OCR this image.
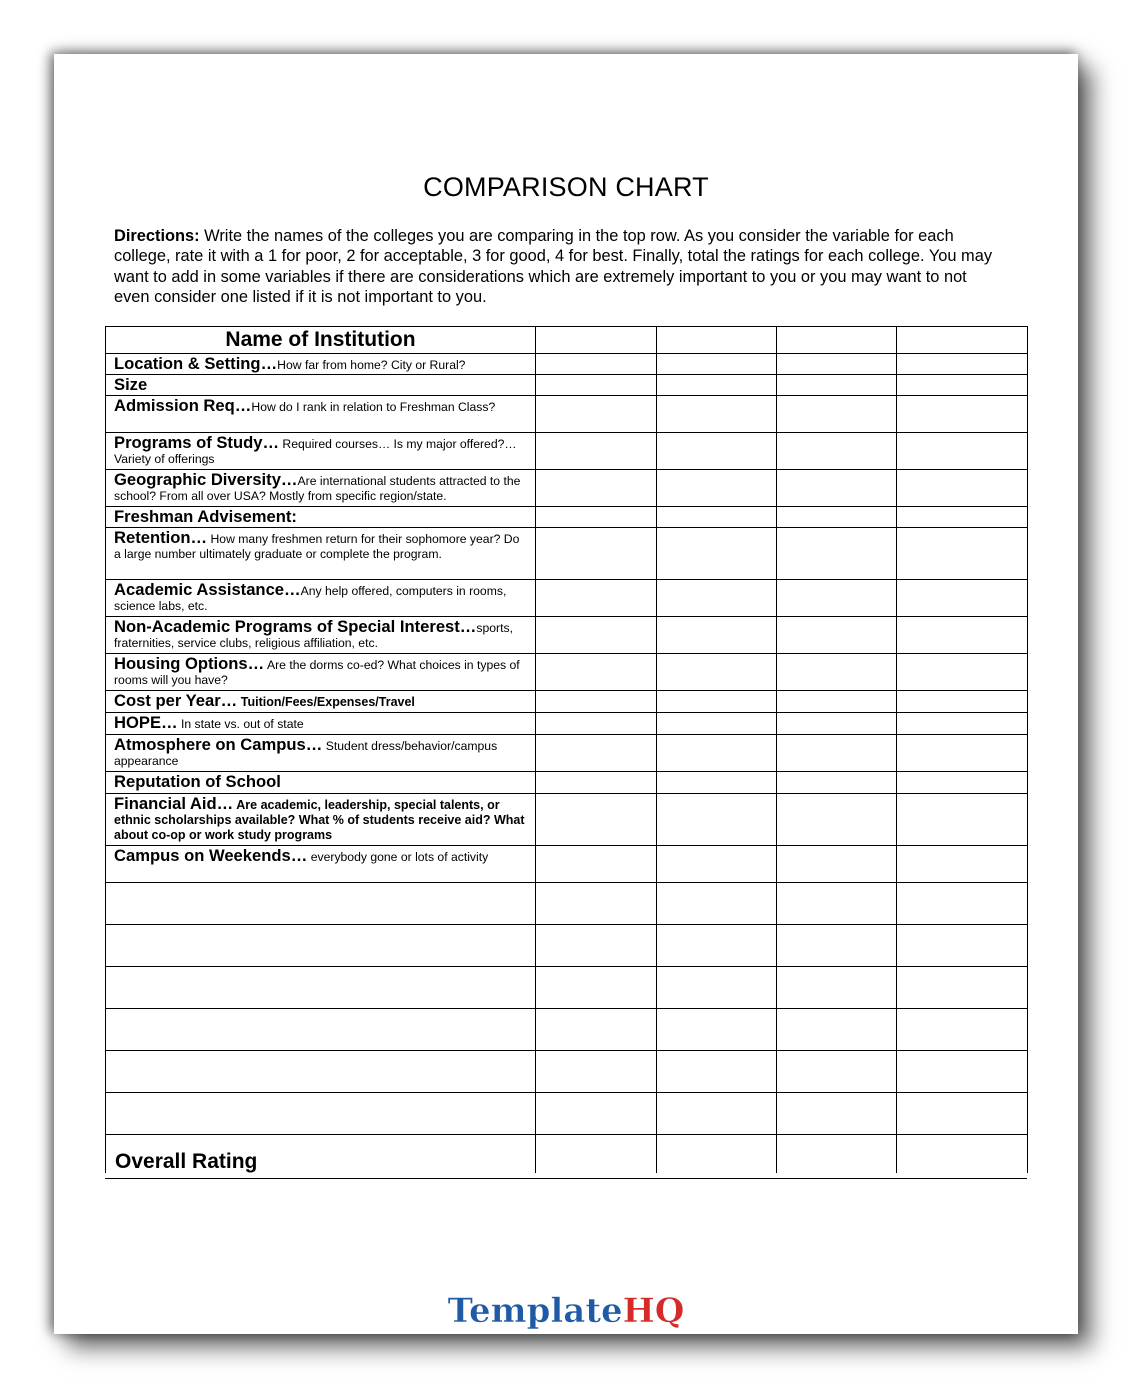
COMPARISON CHART
Directions: Write the names of the colleges you are comparing in the top row. As you consider the variable for each college, rate it with a 1 for poor, 2 for acceptable, 3 for good, 4 for best. Finally, total the ratings for each college. You may want to add in some variables if there are considerations which are extremely important to you or you may want to not even consider one listed if it is not important to you.
Name of Institution				

Location & Setting…How far from home? City or Rural?				

Size				

Admission Req…How do I rank in relation to Freshman Class?				

Programs of Study… Required courses… Is my major offered?…Variety of offerings				

Geographic Diversity…Are international students attracted to the school? From all over USA? Mostly from specific region/state.				

Freshman Advisement:				

Retention… How many freshmen return for their sophomore year? Do a large number ultimately graduate or complete the program.				

Academic Assistance…Any help offered, computers in rooms, science labs, etc.				

Non-Academic Programs of Special Interest…sports, fraternities, service clubs, religious affiliation, etc.				

Housing Options… Are the dorms co-ed? What choices in types of rooms will you have?				

Cost per Year… Tuition/Fees/Expenses/Travel				

HOPE… In state vs. out of state				

Atmosphere on Campus… Student dress/behavior/campus appearance				

Reputation of School				

Financial Aid… Are academic, leadership, special talents, or ethnic scholarships available? What % of students receive aid? What about co-op or work study programs				

Campus on Weekends… everybody gone or lots of activity				

Overall Rating				

TemplateHQ
